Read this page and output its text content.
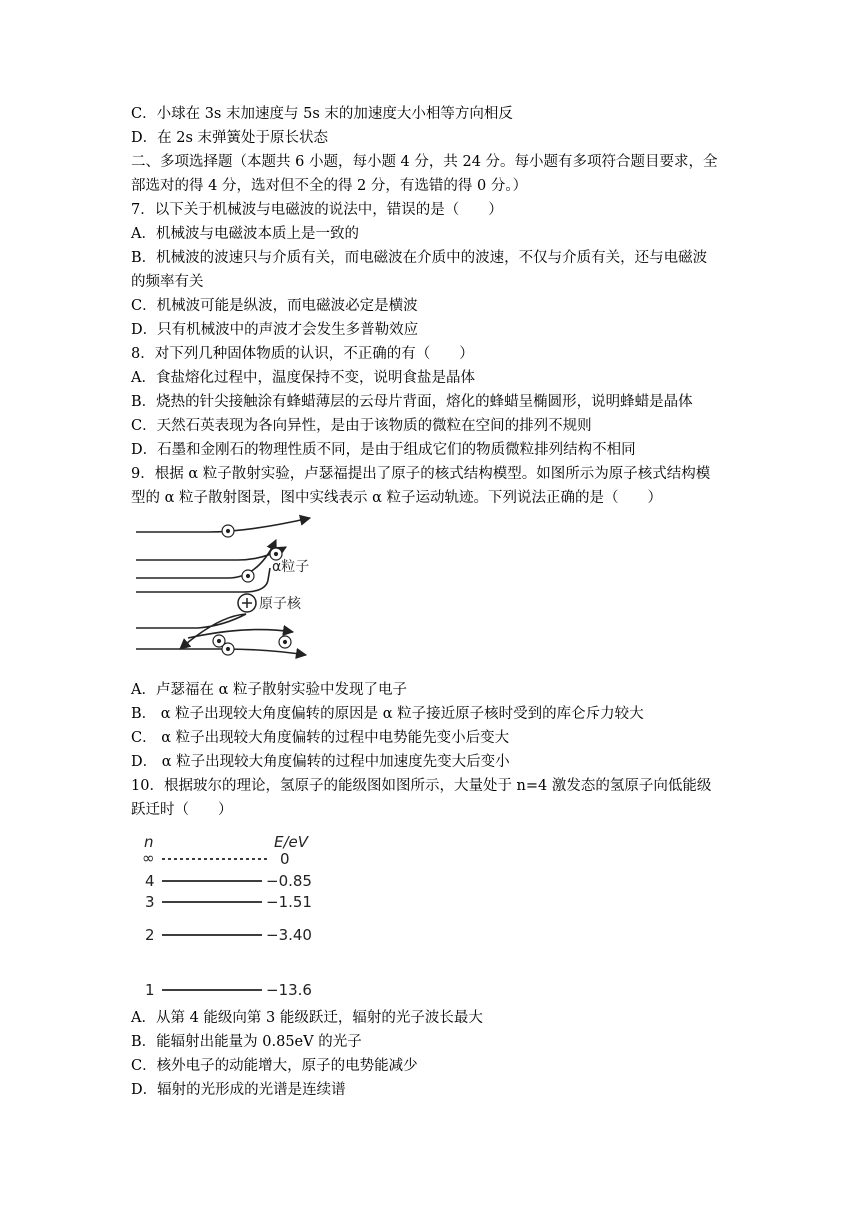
C．小球在 3s 末加速度与 5s 末的加速度大小相等方向相反

D．在 2s 末弹簧处于原长状态

二、多项选择题（本题共 6 小题，每小题 4 分，共 24 分。每小题有多项符合题目要求，全

部选对的得 4 分，选对但不全的得 2 分，有选错的得 0 分。）

7．以下关于机械波与电磁波的说法中，错误的是（　　）

A．机械波与电磁波本质上是一致的

B．机械波的波速只与介质有关，而电磁波在介质中的波速，不仅与介质有关，还与电磁波

的频率有关

C．机械波可能是纵波，而电磁波必定是横波

D．只有机械波中的声波才会发生多普勒效应

8．对下列几种固体物质的认识，不正确的有（　　）

A．食盐熔化过程中，温度保持不变，说明食盐是晶体

B．烧热的针尖接触涂有蜂蜡薄层的云母片背面，熔化的蜂蜡呈椭圆形，说明蜂蜡是晶体

C．天然石英表现为各向异性，是由于该物质的微粒在空间的排列不规则

D．石墨和金刚石的物理性质不同，是由于组成它们的物质微粒排列结构不相同

9．根据 α 粒子散射实验，卢瑟福提出了原子的核式结构模型。如图所示为原子核式结构模

型的 α 粒子散射图景，图中实线表示 α 粒子运动轨迹。下列说法正确的是（　　）

α粒子
原子核

A．卢瑟福在 α 粒子散射实验中发现了电子

B． α 粒子出现较大角度偏转的原因是 α 粒子接近原子核时受到的库仑斥力较大

C． α 粒子出现较大角度偏转的过程中电势能先变小后变大

D． α 粒子出现较大角度偏转的过程中加速度先变大后变小

10．根据玻尔的理论，氢原子的能级图如图所示，大量处于 n=4 激发态的氢原子向低能级

跃迁时（　　）

n	E/eV
∞	0
4	−0.85
3	−1.51
2	−3.40
1	−13.6

A．从第 4 能级向第 3 能级跃迁，辐射的光子波长最大

B．能辐射出能量为 0.85eV 的光子

C．核外电子的动能增大，原子的电势能减少

D．辐射的光形成的光谱是连续谱
